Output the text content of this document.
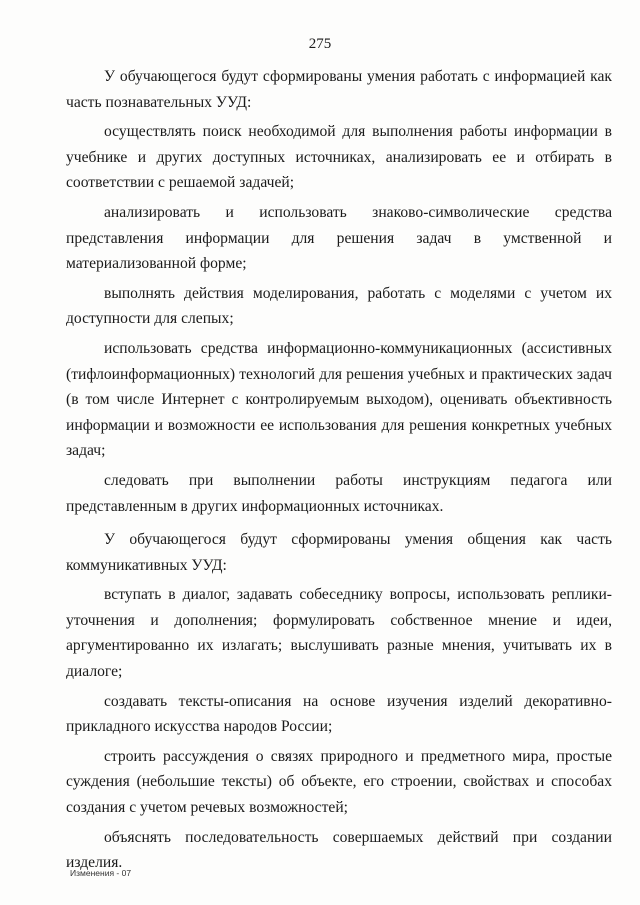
275

У обучающегося будут сформированы умения работать с информацией как часть познавательных УУД:

осуществлять поиск необходимой для выполнения работы информации в учебнике и других доступных источниках, анализировать ее и отбирать в соответствии с решаемой задачей;

анализировать и использовать знаково-символические средства представления информации для решения задач в умственной и материализованной форме;

выполнять действия моделирования, работать с моделями с учетом их доступности для слепых;

использовать средства информационно-коммуникационных (ассистивных (тифлоинформационных) технологий для решения учебных и практических задач (в том числе Интернет с контролируемым выходом), оценивать объективность информации и возможности ее использования для решения конкретных учебных задач;

следовать при выполнении работы инструкциям педагога или представленным в других информационных источниках.

У обучающегося будут сформированы умения общения как часть коммуникативных УУД:

вступать в диалог, задавать собеседнику вопросы, использовать реплики-уточнения и дополнения; формулировать собственное мнение и идеи, аргументированно их излагать; выслушивать разные мнения, учитывать их в диалоге;

создавать тексты-описания на основе изучения изделий декоративно-прикладного искусства народов России;

строить рассуждения о связях природного и предметного мира, простые суждения (небольшие тексты) об объекте, его строении, свойствах и способах создания с учетом речевых возможностей;

объяснять последовательность совершаемых действий при создании изделия.

Изменения - 07
